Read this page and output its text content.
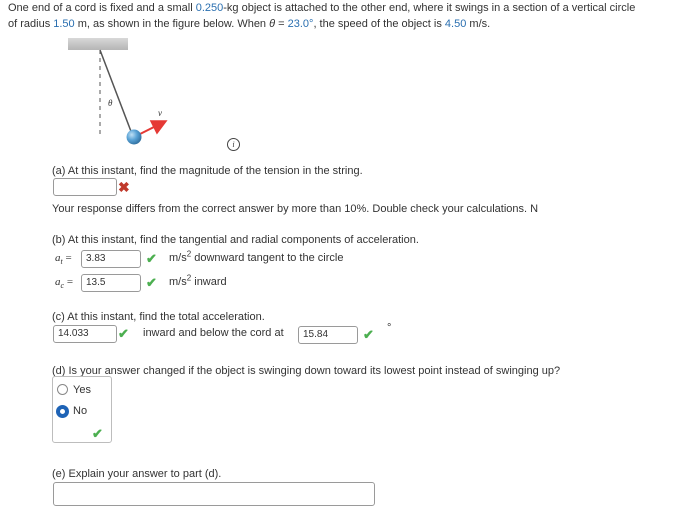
One end of a cord is fixed and a small 0.250-kg object is attached to the other end, where it swings in a section of a vertical circle
of radius 1.50 m, as shown in the figure below. When θ = 23.0°, the speed of the object is 4.50 m/s.
θ
v
i
(a) At this instant, find the magnitude of the tension in the string.
✖
Your response differs from the correct answer by more than 10%. Double check your calculations. N
(b) At this instant, find the tangential and radial components of acceleration.
$a_t$ =	3.83	✔ $m/s^2$ downward tangent to the circle
$a_c$ =	13.5	✔ $m/s^2$ inward
(c) At this instant, find the total acceleration.
14.033	✔ inward and below the cord at	15.84	✔ °
(d) Is your answer changed if the object is swinging down toward its lowest point instead of swinging up?
Yes
No
✔
(e) Explain your answer to part (d).
